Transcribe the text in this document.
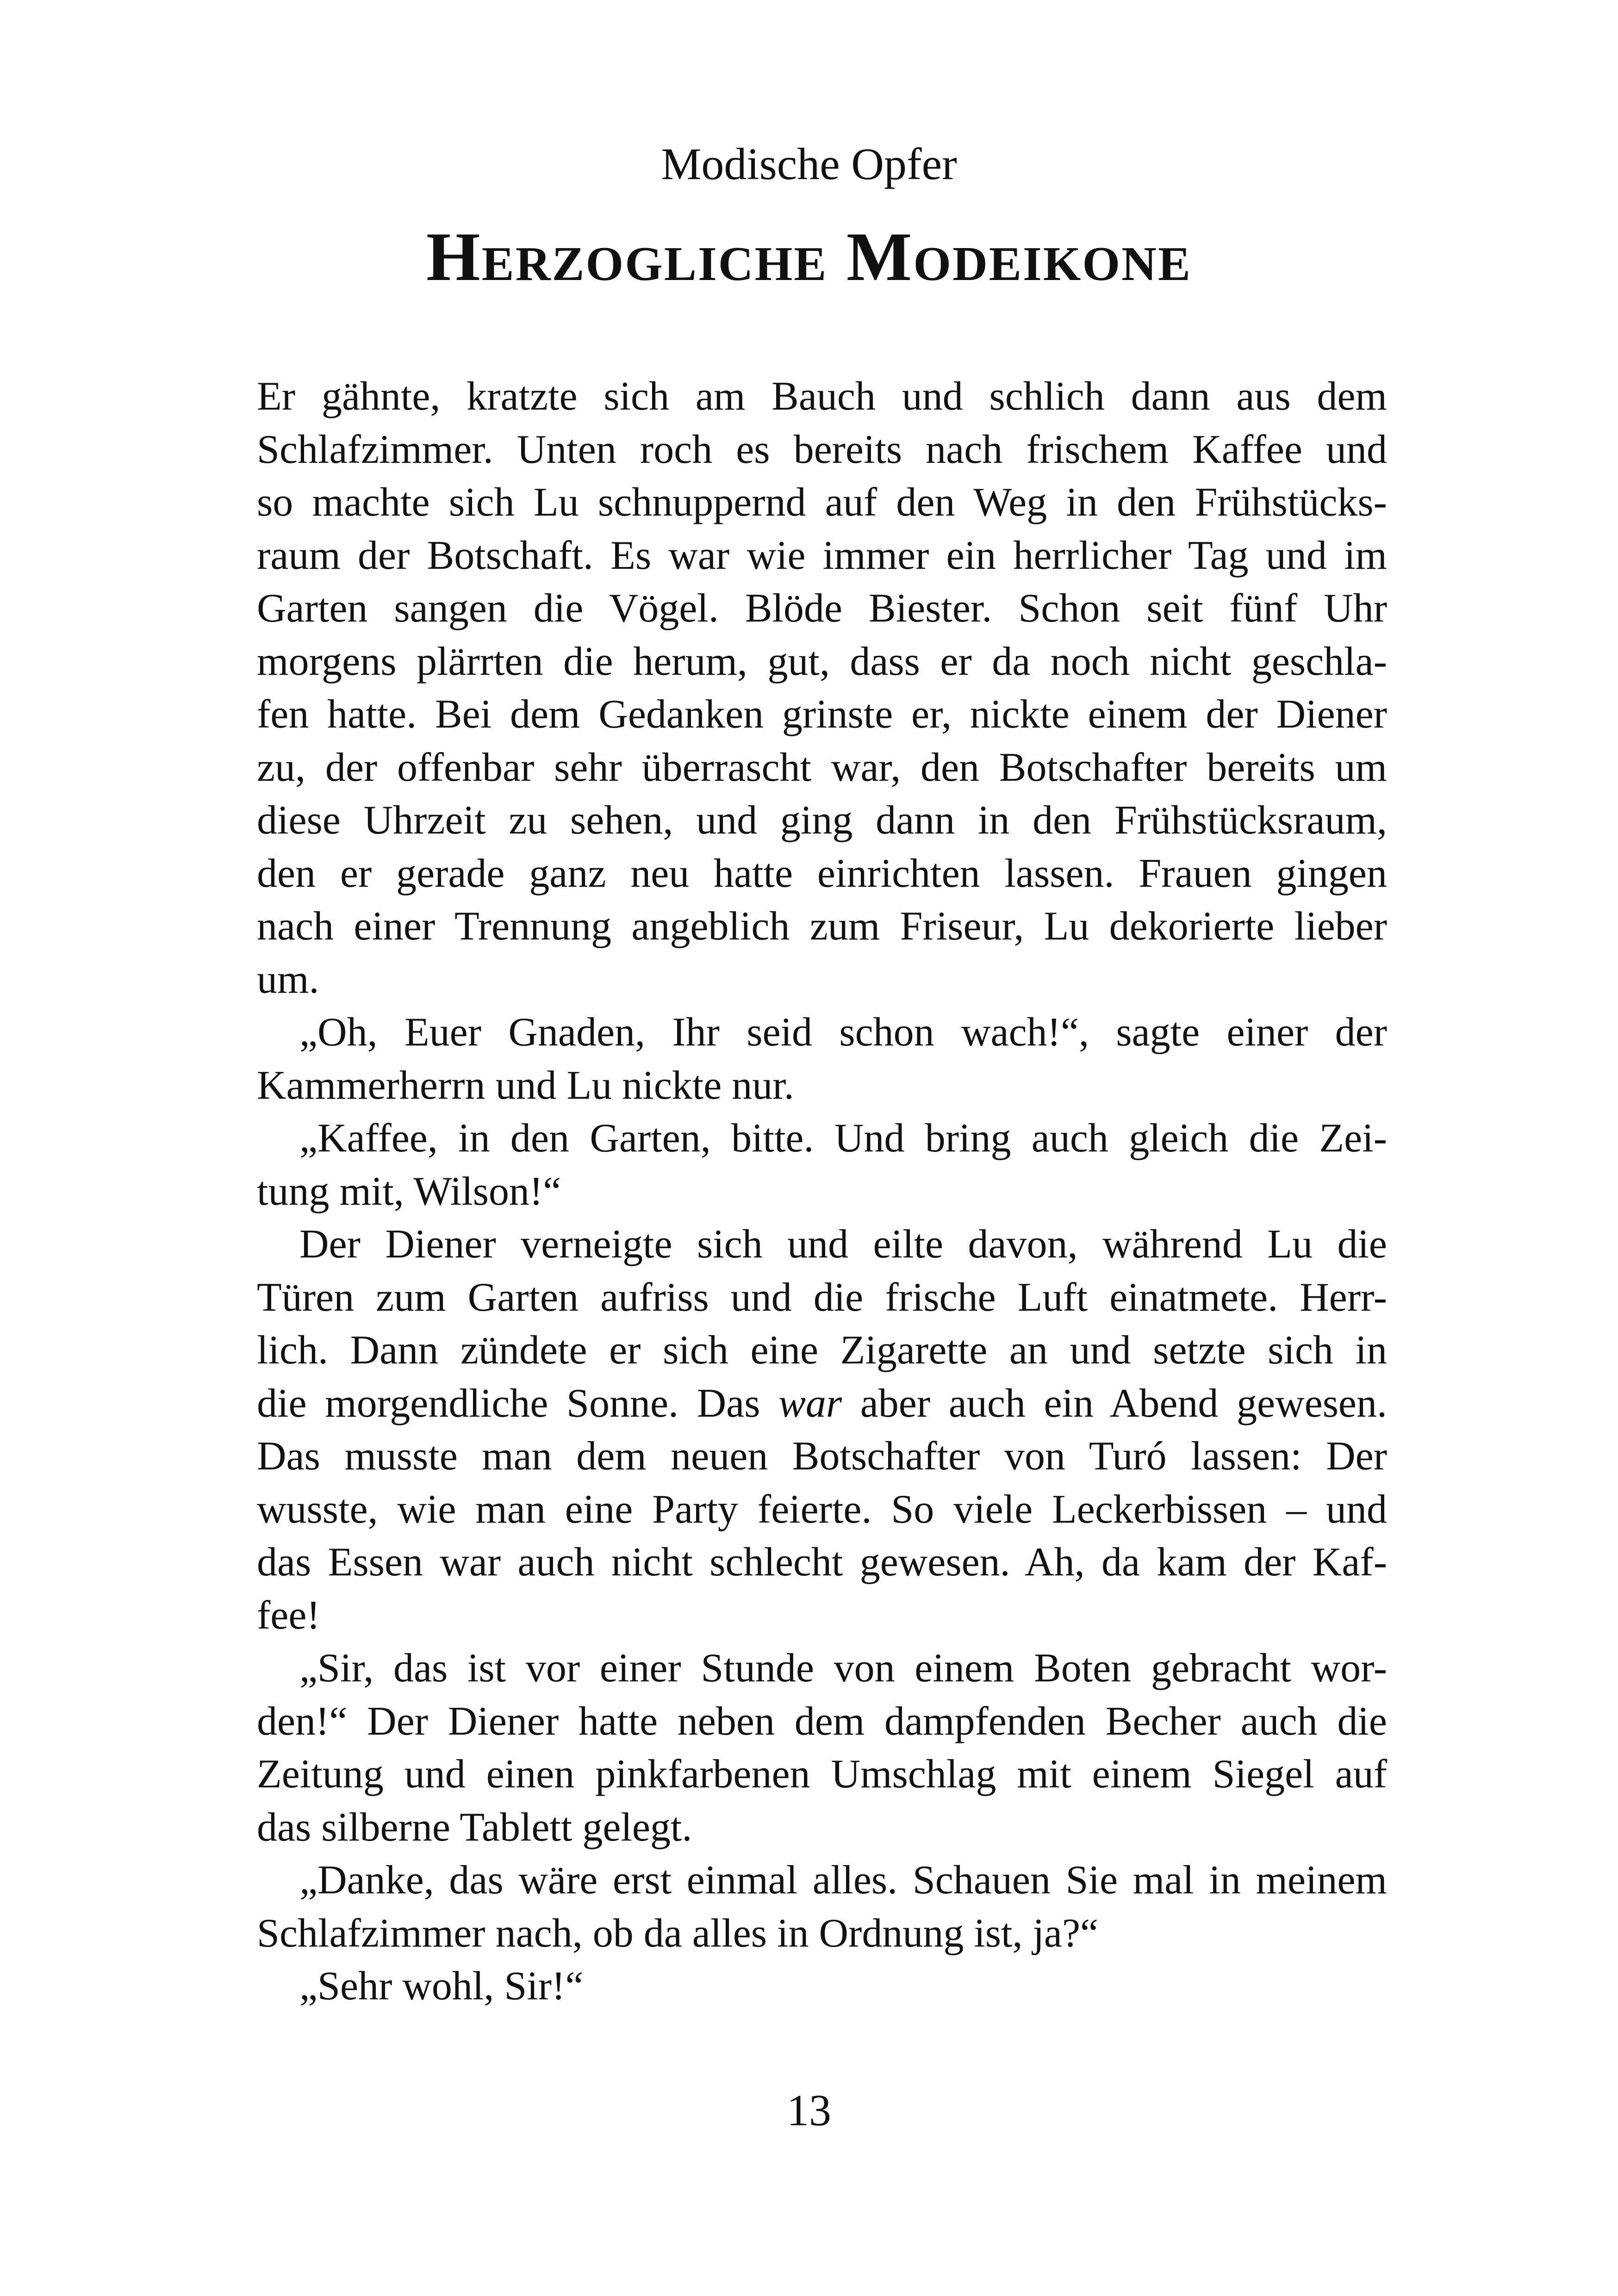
Modische Opfer
Herzogliche Modeikone

Er gähnte, kratzte sich am Bauch und schlich dann aus dem

Schlafzimmer. Unten roch es bereits nach frischem Kaffee und

so machte sich Lu schnuppernd auf den Weg in den Frühstücks-

raum der Botschaft. Es war wie immer ein herrlicher Tag und im

Garten sangen die Vögel. Blöde Biester. Schon seit fünf Uhr

morgens plärrten die herum, gut, dass er da noch nicht geschla-

fen hatte. Bei dem Gedanken grinste er, nickte einem der Diener

zu, der offenbar sehr überrascht war, den Botschafter bereits um

diese Uhrzeit zu sehen, und ging dann in den Frühstücksraum,

den er gerade ganz neu hatte einrichten lassen. Frauen gingen

nach einer Trennung angeblich zum Friseur, Lu dekorierte lieber

um.

„Oh, Euer Gnaden, Ihr seid schon wach!“, sagte einer der

Kammerherrn und Lu nickte nur.

„Kaffee, in den Garten, bitte. Und bring auch gleich die Zei-

tung mit, Wilson!“

Der Diener verneigte sich und eilte davon, während Lu die

Türen zum Garten aufriss und die frische Luft einatmete. Herr-

lich. Dann zündete er sich eine Zigarette an und setzte sich in

die morgendliche Sonne. Das war aber auch ein Abend gewesen.

Das musste man dem neuen Botschafter von Turó lassen: Der

wusste, wie man eine Party feierte. So viele Leckerbissen – und

das Essen war auch nicht schlecht gewesen. Ah, da kam der Kaf-

fee!

„Sir, das ist vor einer Stunde von einem Boten gebracht wor-

den!“ Der Diener hatte neben dem dampfenden Becher auch die

Zeitung und einen pinkfarbenen Umschlag mit einem Siegel auf

das silberne Tablett gelegt.

„Danke, das wäre erst einmal alles. Schauen Sie mal in meinem

Schlafzimmer nach, ob da alles in Ordnung ist, ja?“

„Sehr wohl, Sir!“

13
